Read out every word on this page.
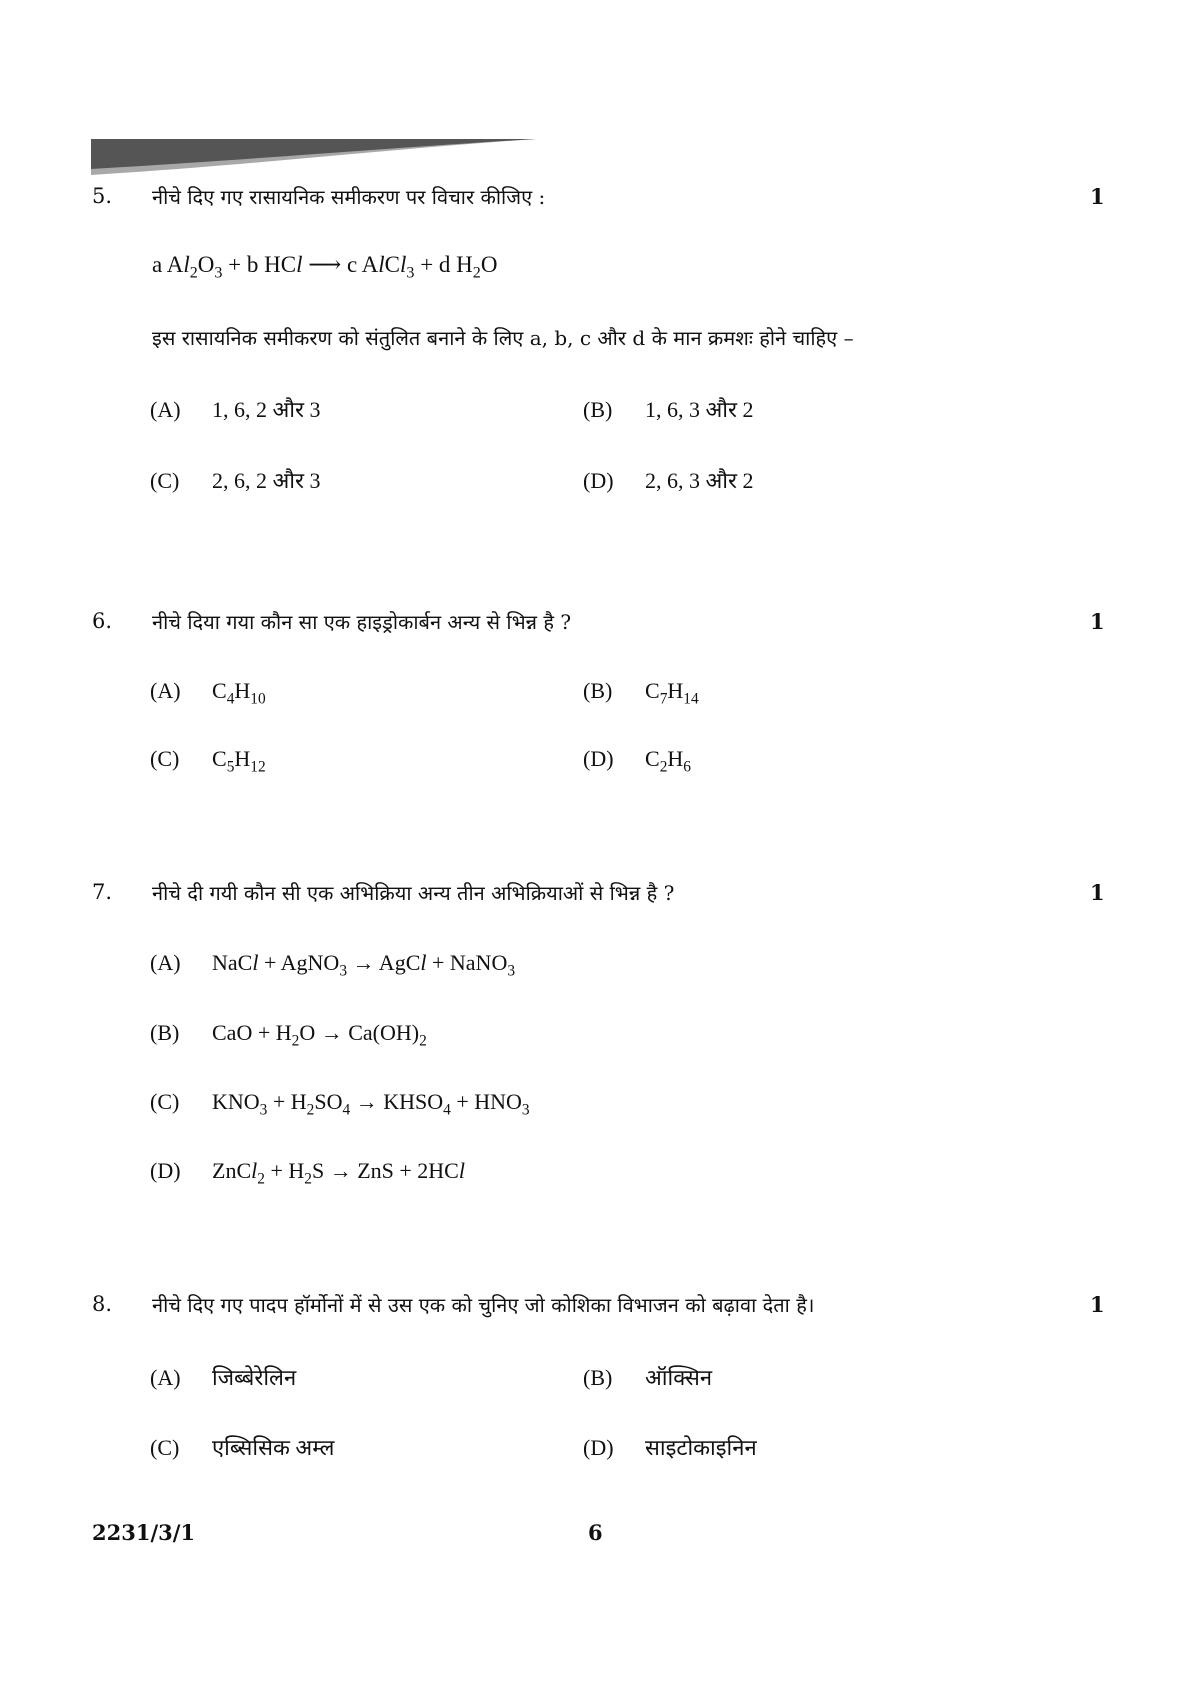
5. नीचे दिए गए रासायनिक समीकरण पर विचार कीजिए :	1
a $Al_2O_3 + b$ HCl ⟶ c AlCl$_3$ + d $H_2O$
इस रासायनिक समीकरण को संतुलित बनाने के लिए a, b, c और d के मान क्रमशः होने चाहिए –
(A) 1, 6, 2 और 3	(B) 1, 6, 3 और 2
(C) 2, 6, 2 और 3	(D) 2, 6, 3 और 2
6. नीचे दिया गया कौन सा एक हाइड्रोकार्बन अन्य से भिन्न है ?	1
(A) $C_4H_{10}$	(B) $C_7H_{14}$
(C) $C_5H_{12}$	(D) $C_2H_6$
7. नीचे दी गयी कौन सी एक अभिक्रिया अन्य तीन अभिक्रियाओं से भिन्न है ?	1
(A) NaCl + AgNO$_3$ → AgCl + NaNO$_3$
(B) CaO + $H_2O \to Ca(OH)_2$
(C) $KNO_3 + H_2SO_4$ → $KHSO_4 + HNO_3$
(D) ZnCl$_2$ + $H_2S$ → ZnS + 2HCl
8. नीचे दिए गए पादप हॉर्मोनों में से उस एक को चुनिए जो कोशिका विभाजन को बढ़ावा देता है।	1
(A) जिब्बेरेलिन	(B) ऑक्सिन
(C) एब्सिसिक अम्ल	(D) साइटोकाइनिन
2231/3/1	6
